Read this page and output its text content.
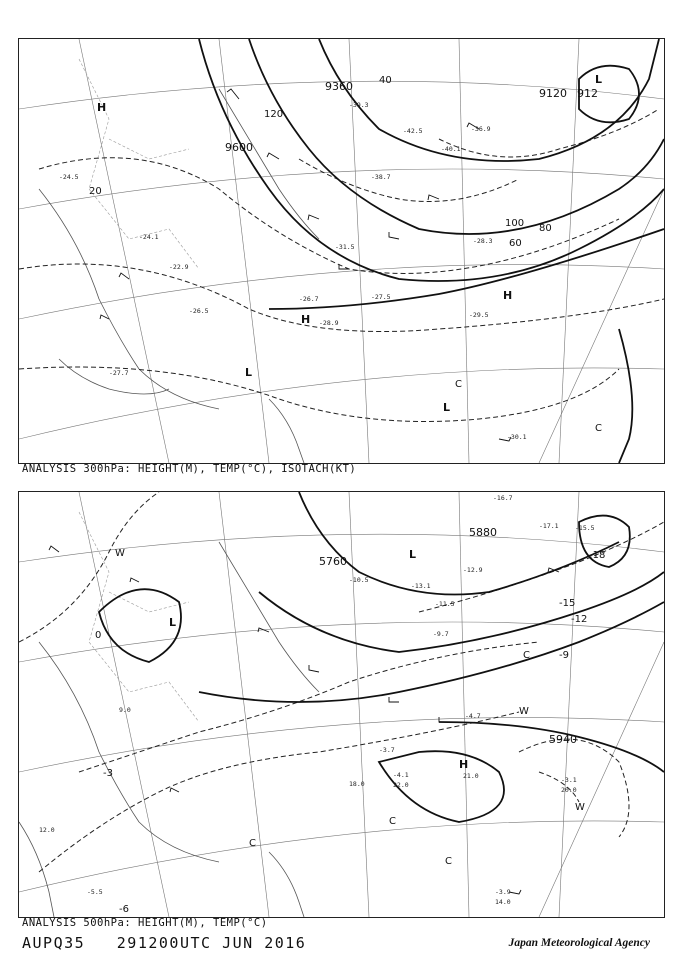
9360
9600
9120 912
20
40
60
80
100
120
H
H
H
L
L
L
C
C
-24.5
-24.1
-22.9
-26.7	-27.5
-29.5
-28.9
-30.1
-27.7
-26.5
-36.9
-40.1
-39.3
-42.5
-28.3
-31.5
-38.7
ANALYSIS 300hPa: HEIGHT(M), TEMP(°C), ISOTACH(KT)
5760
5880
5940
0
-3
-6
-9
-12
-15
-18
H
L
L
W
W
W
C
C
C
C
-4.1
-3.7
-5.5
-10.5
-12.9
-15.5
-17.1
-16.7
-3.9
-3.1
-4.7
-9.7
-11.5
-13.1
22.0
21.0
14.0
20.0
18.0
9.0
12.0
ANALYSIS 500hPa: HEIGHT(M), TEMP(°C)
AUPQ35 291200UTC JUN 2016	Japan Meteorological Agency
